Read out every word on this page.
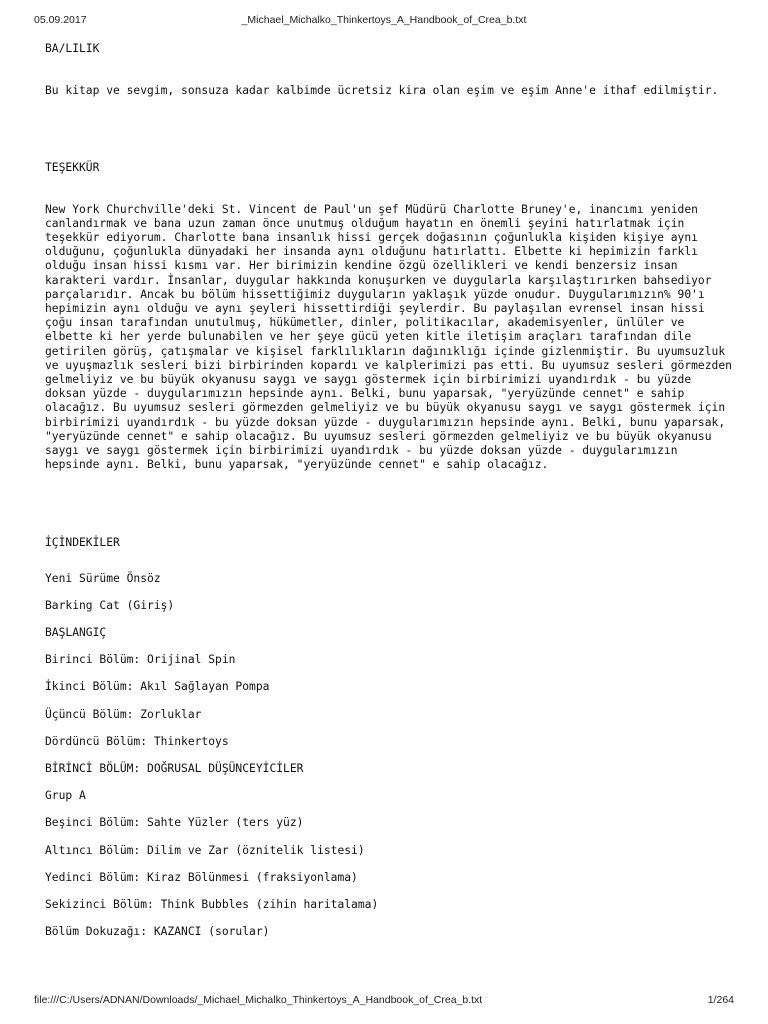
05.09.2017	_Michael_Michalko_Thinkertoys_A_Handbook_of_Crea_b.txt
BA/LILIK
Bu kitap ve sevgim, sonsuza kadar kalbimde ücretsiz kira olan eşim ve eşim Anne'e ithaf edilmiştir.
TEŞEKKÜR
New York Churchville'deki St. Vincent de Paul'un şef Müdürü Charlotte Bruney'e, inancımı yeniden canlandırmak ve bana uzun zaman önce unutmuş olduğum hayatın en önemli şeyini hatırlatmak için teşekkür ediyorum. Charlotte bana insanlık hissi gerçek doğasının çoğunlukla kişiden kişiye aynı olduğunu, çoğunlukla dünyadaki her insanda aynı olduğunu hatırlattı. Elbette ki hepimizin farklı olduğu insan hissi kısmı var. Her birimizin kendine özgü özellikleri ve kendi benzersiz insan karakteri vardır. İnsanlar, duygular hakkında konuşurken ve duygularla karşılaştırırken bahsediyor parçalarıdır. Ancak bu bölüm hissettiğimiz duyguların yaklaşık yüzde onudur. Duygularımızın% 90'ı hepimizin aynı olduğu ve aynı şeyleri hissettirdiği şeylerdir. Bu paylaşılan evrensel insan hissi çoğu insan tarafından unutulmuş, hükümetler, dinler, politikacılar, akademisyenler, ünlüler ve elbette ki her yerde bulunabilen ve her şeye gücü yeten kitle iletişim araçları tarafından dile getirilen görüş, çatışmalar ve kişisel farklılıkların dağınıklığı içinde gizlenmiştir. Bu uyumsuzluk ve uyuşmazlık sesleri bizi birbirinden kopardı ve kalplerimizi pas etti. Bu uyumsuz sesleri görmezden gelmeliyiz ve bu büyük okyanusu saygı ve saygı göstermek için birbirimizi uyandırdık - bu yüzde doksan yüzde - duygularımızın hepsinde aynı. Belki, bunu yaparsak, "yeryüzünde cennet" e sahip olacağız. Bu uyumsuz sesleri görmezden gelmeliyiz ve bu büyük okyanusu saygı ve saygı göstermek için birbirimizi uyandırdık - bu yüzde doksan yüzde - duygularımızın hepsinde aynı. Belki, bunu yaparsak, "yeryüzünde cennet" e sahip olacağız. Bu uyumsuz sesleri görmezden gelmeliyiz ve bu büyük okyanusu saygı ve saygı göstermek için birbirimizi uyandırdık - bu yüzde doksan yüzde - duygularımızın hepsinde aynı. Belki, bunu yaparsak, "yeryüzünde cennet" e sahip olacağız.
İÇİNDEKİLER
Yeni Sürüme Önsöz
Barking Cat (Giriş)
BAŞLANGIÇ
Birinci Bölüm: Orijinal Spin
İkinci Bölüm: Akıl Sağlayan Pompa
Üçüncü Bölüm: Zorluklar
Dördüncü Bölüm: Thinkertoys
BİRİNCİ BÖLÜM: DOĞRUSAL DÜŞÜNCEYİCİLER
Grup A
Beşinci Bölüm: Sahte Yüzler (ters yüz)
Altıncı Bölüm: Dilim ve Zar (öznitelik listesi)
Yedinci Bölüm: Kiraz Bölünmesi (fraksiyonlama)
Sekizinci Bölüm: Think Bubbles (zihin haritalama)
Bölüm Dokuzağı: KAZANCI (sorular)
file:///C:/Users/ADNAN/Downloads/_Michael_Michalko_Thinkertoys_A_Handbook_of_Crea_b.txt	1/264
